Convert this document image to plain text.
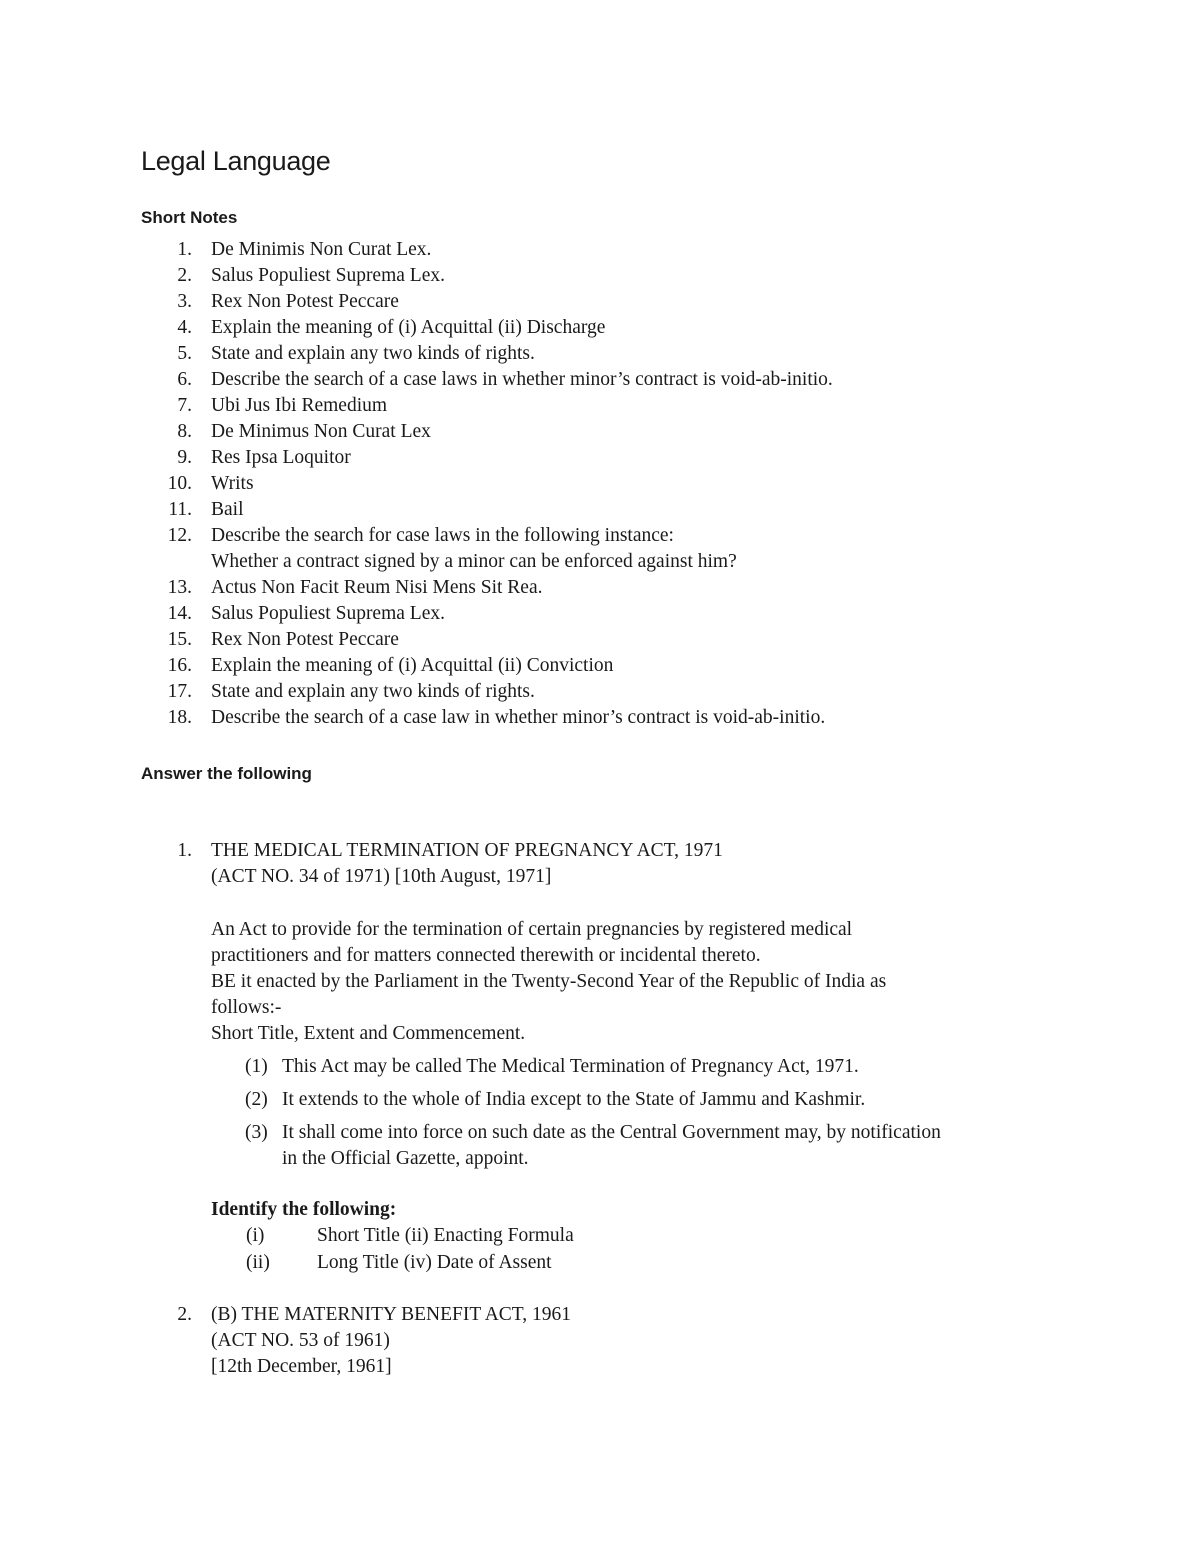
Legal Language
Short Notes
1. De Minimis Non Curat Lex.
2. Salus Populiest Suprema Lex.
3. Rex Non Potest Peccare
4. Explain the meaning of (i) Acquittal (ii) Discharge
5. State and explain any two kinds of rights.
6. Describe the search of a case laws in whether minor’s contract is void-ab-initio.
7. Ubi Jus Ibi Remedium
8. De Minimus Non Curat Lex
9. Res Ipsa Loquitor
10. Writs
11. Bail
12. Describe the search for case laws in the following instance:
Whether a contract signed by a minor can be enforced against him?
13. Actus Non Facit Reum Nisi Mens Sit Rea.
14. Salus Populiest Suprema Lex.
15. Rex Non Potest Peccare
16. Explain the meaning of (i) Acquittal (ii) Conviction
17. State and explain any two kinds of rights.
18. Describe the search of a case law in whether minor’s contract is void-ab-initio.
Answer the following
1. THE MEDICAL TERMINATION OF PREGNANCY ACT, 1971
(ACT NO. 34 of 1971) [10th August, 1971]
An Act to provide for the termination of certain pregnancies by registered medical
practitioners and for matters connected therewith or incidental thereto.
BE it enacted by the Parliament in the Twenty-Second Year of the Republic of India as
follows:-
Short Title, Extent and Commencement.
(1) This Act may be called The Medical Termination of Pregnancy Act, 1971.
(2) It extends to the whole of India except to the State of Jammu and Kashmir.
(3) It shall come into force on such date as the Central Government may, by notification
in the Official Gazette, appoint.
Identify the following:
(i)	Short Title (ii) Enacting Formula
(ii) Long Title (iv) Date of Assent
2. (B) THE MATERNITY BENEFIT ACT, 1961
(ACT NO. 53 of 1961)
[12th December, 1961]
